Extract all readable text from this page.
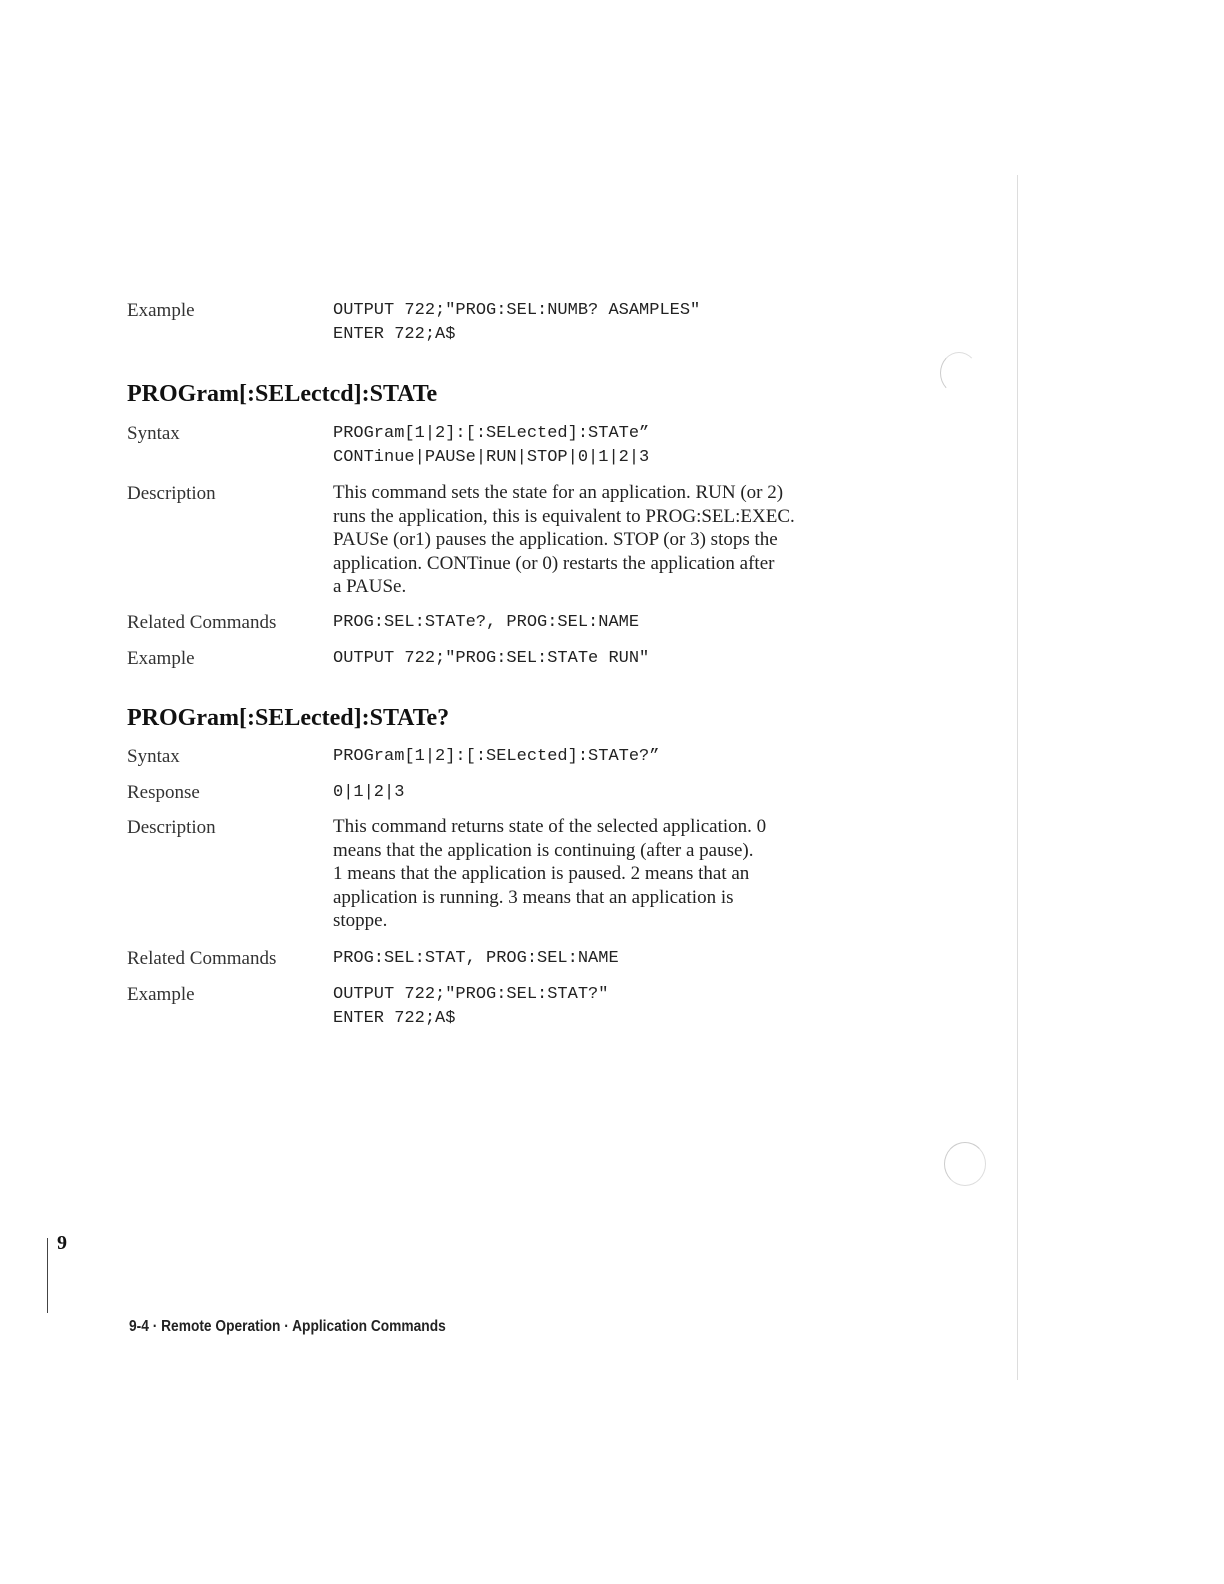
Example	OUTPUT 722;"PROG:SEL:NUMB? ASAMPLES"
ENTER 722;A$
PROGram[:SELectcd]:STATe
Syntax	PROGram[1|2]:[:SELected]:STATe”
CONTinue|PAUSe|RUN|STOP|0|1|2|3
Description	This command sets the state for an application. RUN (or 2)
runs the application, this is equivalent to PROG:SEL:EXEC.
PAUSe (or1) pauses the application. STOP (or 3) stops the
application. CONTinue (or 0) restarts the application after
a PAUSe.
Related Commands	PROG:SEL:STATe?, PROG:SEL:NAME
Example	OUTPUT 722;"PROG:SEL:STATe RUN"
PROGram[:SELected]:STATe?
Syntax	PROGram[1|2]:[:SELected]:STATe?”
Response	0|1|2|3
Description	This command returns state of the selected application. 0
means that the application is continuing (after a pause).
1 means that the application is paused. 2 means that an
application is running. 3 means that an application is
stoppe.
Related Commands	PROG:SEL:STAT, PROG:SEL:NAME
Example	OUTPUT 722;"PROG:SEL:STAT?"
ENTER 722;A$
9
9-4 · Remote Operation · Application Commands
